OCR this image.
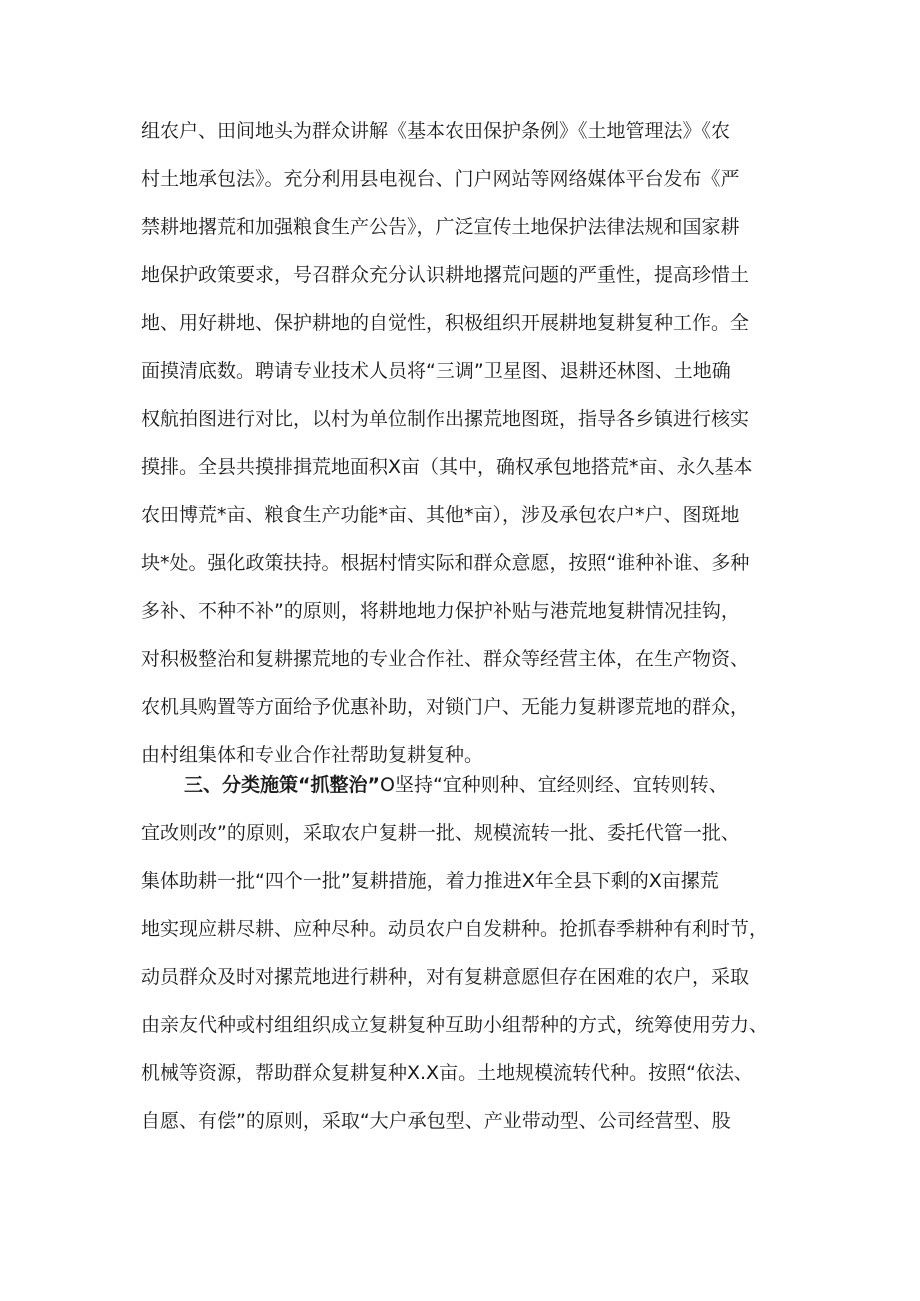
组农户、田间地头为群众讲解《基本农田保护条例》《土地管理法》《农
村土地承包法》。充分利用县电视台、门户网站等网络媒体平台发布《严
禁耕地撂荒和加强粮食生产公告》，广泛宣传土地保护法律法规和国家耕
地保护政策要求，号召群众充分认识耕地撂荒问题的严重性，提高珍惜土
地、用好耕地、保护耕地的自觉性，积极组织开展耕地复耕复种工作。全
面摸清底数。聘请专业技术人员将“三调”卫星图、退耕还林图、土地确
权航拍图进行对比，以村为单位制作出摞荒地图斑，指导各乡镇进行核实
摸排。全县共摸排揖荒地面积X亩（其中，确权承包地搭荒*亩、永久基本
农田博荒*亩、粮食生产功能*亩、其他*亩），涉及承包农户*户、图斑地
块*处。强化政策扶持。根据村情实际和群众意愿，按照“谁种补谁、多种
多补、不种不补”的原则，将耕地地力保护补贴与港荒地复耕情况挂钩，
对积极整治和复耕摞荒地的专业合作社、群众等经营主体，在生产物资、
农机具购置等方面给予优惠补助，对锁门户、无能力复耕谬荒地的群众，
由村组集体和专业合作社帮助复耕复种。
三、分类施策“抓整治”O坚持“宜种则种、宜经则经、宜转则转、
宜改则改”的原则，采取农户复耕一批、规模流转一批、委托代管一批、
集体助耕一批“四个一批”复耕措施，着力推进X年全县下剩的X亩摞荒
地实现应耕尽耕、应种尽种。动员农户自发耕种。抢抓春季耕种有利时节，
动员群众及时对摞荒地进行耕种，对有复耕意愿但存在困难的农户，采取
由亲友代种或村组组织成立复耕复种互助小组帮种的方式，统筹使用劳力、
机械等资源，帮助群众复耕复种X.X亩。土地规模流转代种。按照“依法、
自愿、有偿”的原则，采取“大户承包型、产业带动型、公司经营型、股
